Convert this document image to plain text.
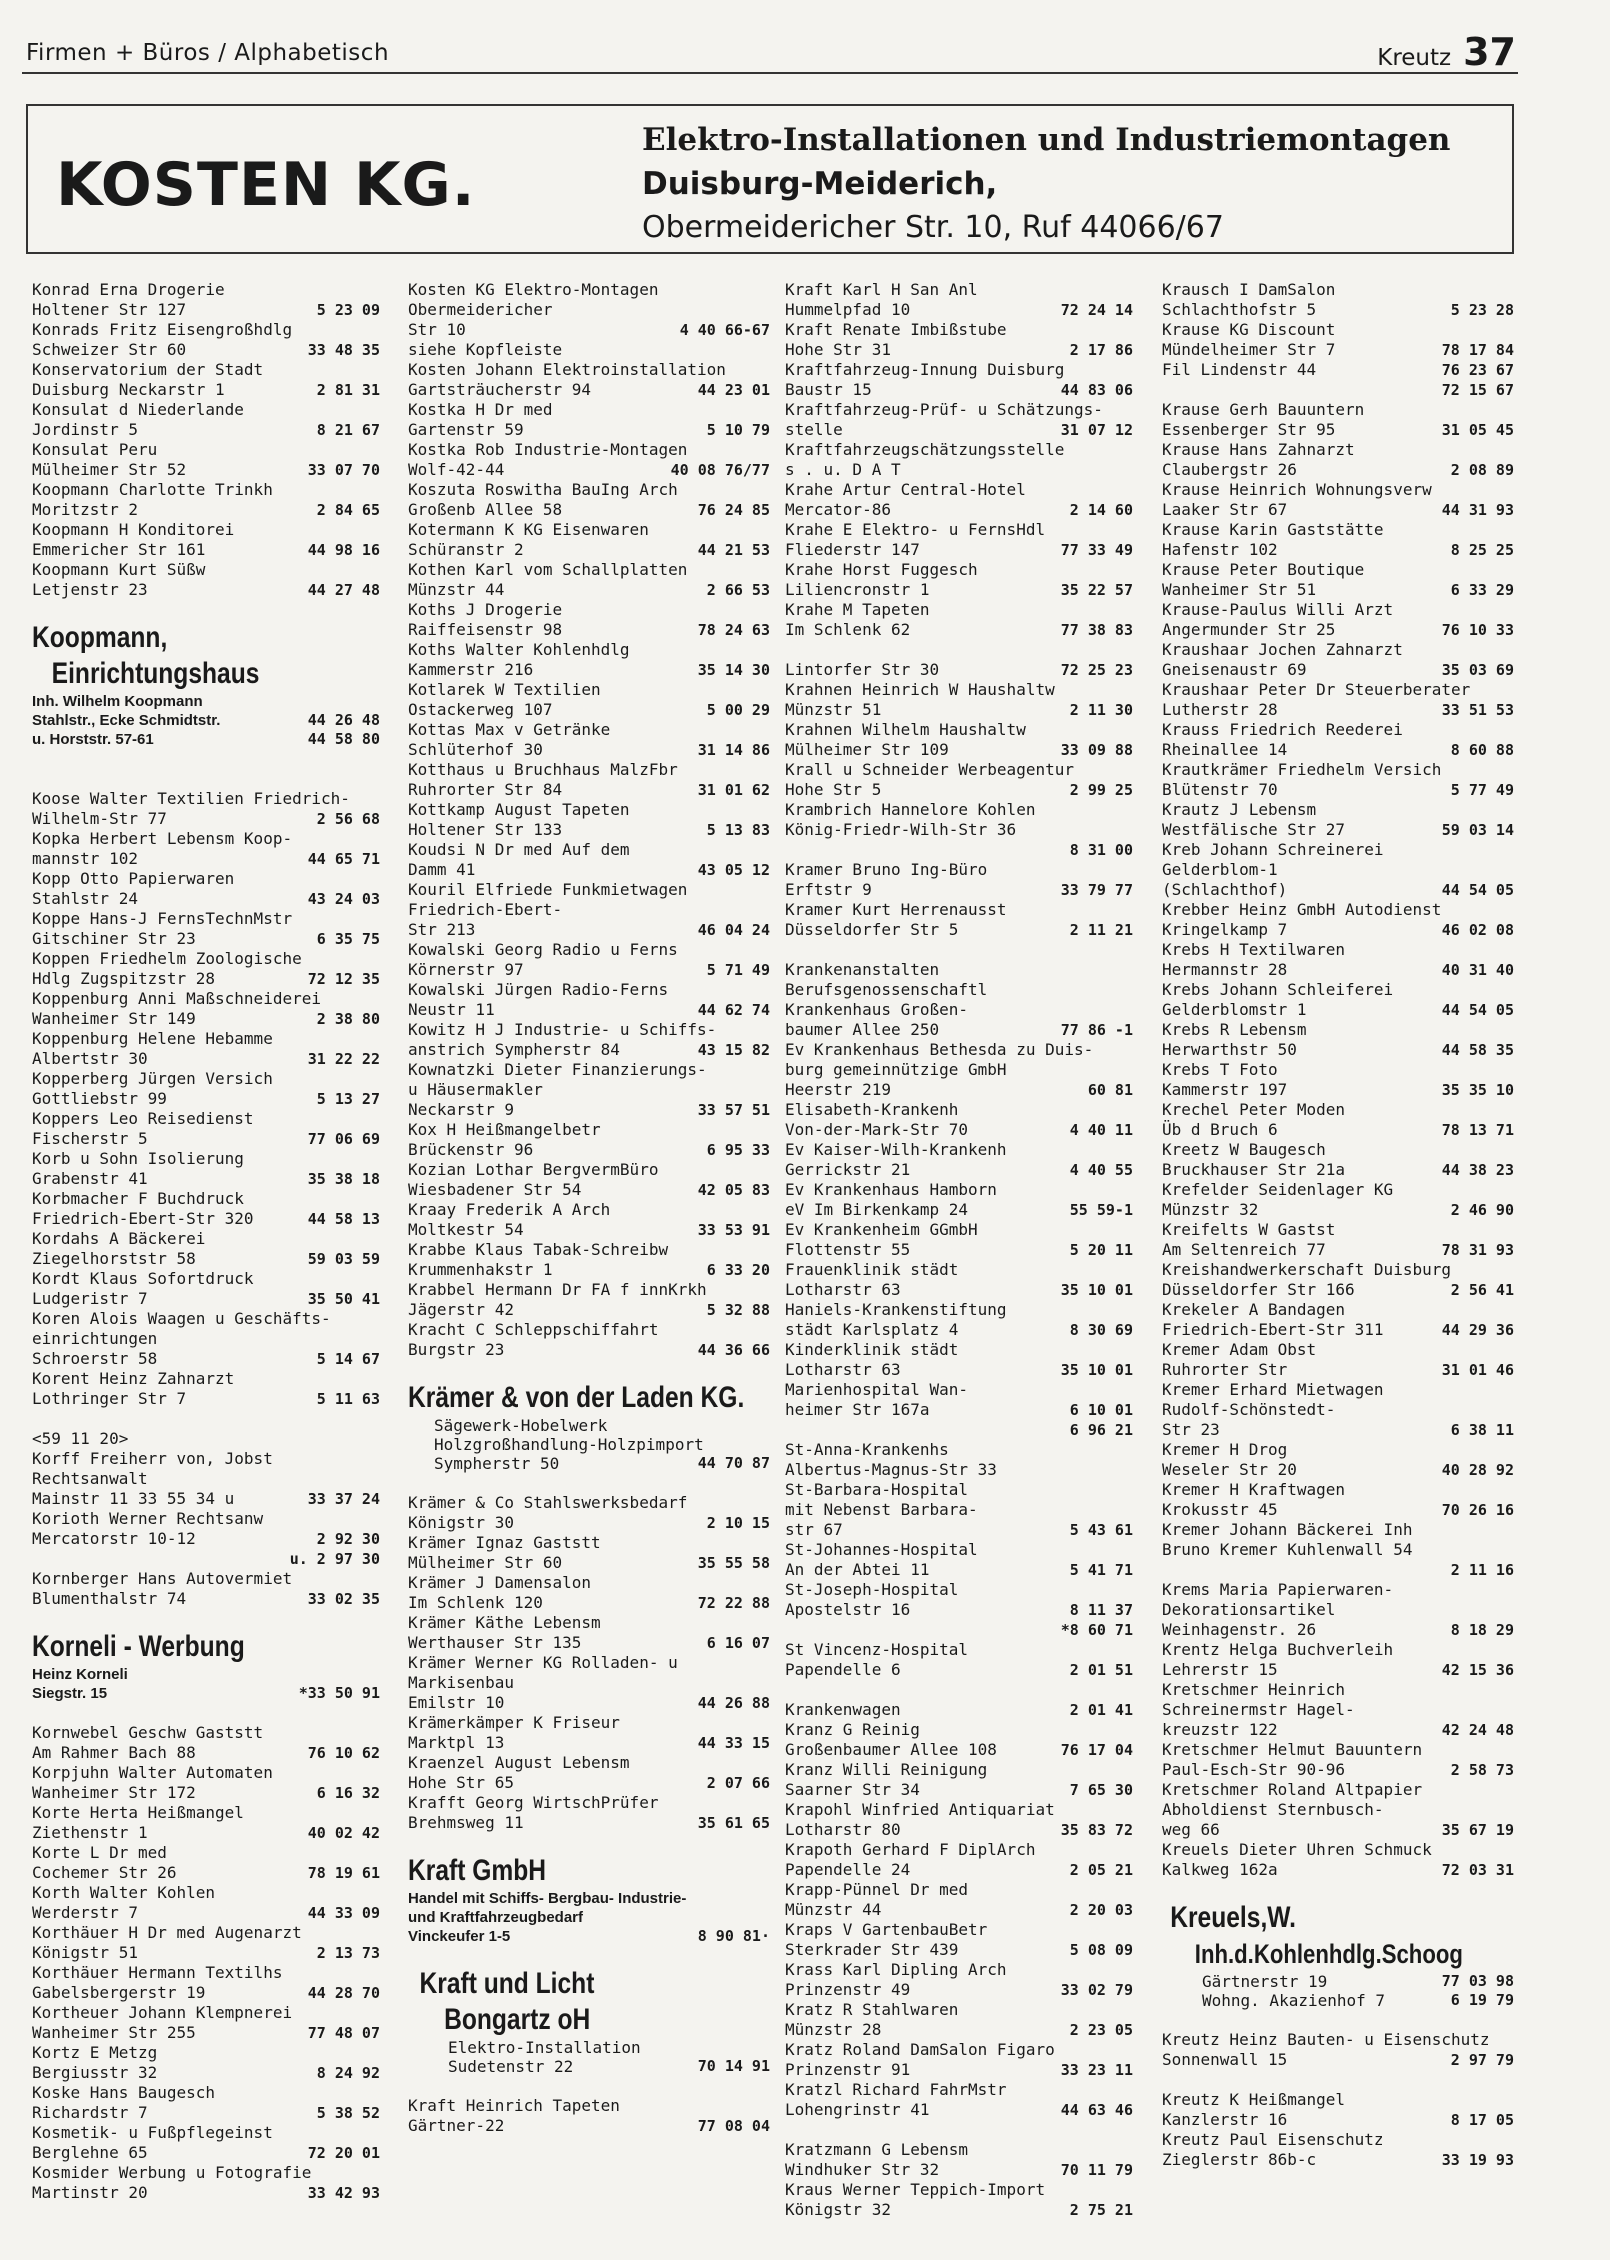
Firmen + Büros / Alphabetisch	Kreutz 37
KOSTEN KG.
Elektro-Installationen und Industriemontagen
Duisburg-Meiderich,
Obermeidericher Str. 10, Ruf 44066/67
Konrad Erna Drogerie
Holtener Str 127	5 23 09
Konrads Fritz Eisengroßhdlg
Schweizer Str 60	33 48 35
Konservatorium der Stadt
Duisburg Neckarstr 1	2 81 31
Konsulat d Niederlande
Jordinstr 5	8 21 67
Konsulat Peru
Mülheimer Str 52	33 07 70
Koopmann Charlotte Trinkh
Moritzstr 2	2 84 65
Koopmann H Konditorei
Emmericher Str 161	44 98 16
Koopmann Kurt Süßw
Letjenstr 23	44 27 48
Koopmann,
Einrichtungshaus
Inh. Wilhelm Koopmann
Stahlstr., Ecke Schmidtstr.	44 26 48
u. Horststr. 57-61	44 58 80
Koose Walter Textilien Friedrich-
Wilhelm-Str 77	2 56 68
Kopka Herbert Lebensm Koop-
mannstr 102	44 65 71
Kopp Otto Papierwaren
Stahlstr 24	43 24 03
Koppe Hans-J FernsTechnMstr
Gitschiner Str 23	6 35 75
Koppen Friedhelm Zoologische
Hdlg Zugspitzstr 28	72 12 35
Koppenburg Anni Maßschneiderei
Wanheimer Str 149	2 38 80
Koppenburg Helene Hebamme
Albertstr 30	31 22 22
Kopperberg Jürgen Versich
Gottliebstr 99	5 13 27
Koppers Leo Reisedienst
Fischerstr 5	77 06 69
Korb u Sohn Isolierung
Grabenstr 41	35 38 18
Korbmacher F Buchdruck
Friedrich-Ebert-Str 320	44 58 13
Kordahs A Bäckerei
Ziegelhorststr 58	59 03 59
Kordt Klaus Sofortdruck
Ludgeristr 7	35 50 41
Koren Alois Waagen u Geschäfts-
einrichtungen
Schroerstr 58	5 14 67
Korent Heinz Zahnarzt
Lothringer Str 7	5 11 63

<59 11 20>
Korff Freiherr von, Jobst
Rechtsanwalt
Mainstr 11 33 55 34 u	33 37 24
Korioth Werner Rechtsanw
Mercatorstr 10-12	2 92 30

u. 2 97 30
Kornberger Hans Autovermiet
Blumenthalstr 74	33 02 35
Korneli - Werbung
Heinz Korneli
Siegstr. 15	*33 50 91
Kornwebel Geschw Gaststt
Am Rahmer Bach 88	76 10 62
Korpjuhn Walter Automaten
Wanheimer Str 172	6 16 32
Korte Herta Heißmangel
Ziethenstr 1	40 02 42
Korte L Dr med
Cochemer Str 26	78 19 61
Korth Walter Kohlen
Werderstr 7	44 33 09
Korthäuer H Dr med Augenarzt
Königstr 51	2 13 73
Korthäuer Hermann Textilhs
Gabelsbergerstr 19	44 28 70
Kortheuer Johann Klempnerei
Wanheimer Str 255	77 48 07
Kortz E Metzg
Bergiusstr 32	8 24 92
Koske Hans Baugesch
Richardstr 7	5 38 52
Kosmetik- u Fußpflegeinst
Berglehne 65	72 20 01
Kosmider Werbung u Fotografie
Martinstr 20	33 42 93
Kosten KG Elektro-Montagen
Obermeidericher
Str 10	4 40 66-67
siehe Kopfleiste
Kosten Johann Elektroinstallation
Gartsträucherstr 94	44 23 01
Kostka H Dr med
Gartenstr 59	5 10 79
Kostka Rob Industrie-Montagen
Wolf-42-44	40 08 76/77
Koszuta Roswitha BauIng Arch
Großenb Allee 58	76 24 85
Kotermann K KG Eisenwaren
Schüranstr 2	44 21 53
Kothen Karl vom Schallplatten
Münzstr 44	2 66 53
Koths J Drogerie
Raiffeisenstr 98	78 24 63
Koths Walter Kohlenhdlg
Kammerstr 216	35 14 30
Kotlarek W Textilien
Ostackerweg 107	5 00 29
Kottas Max v Getränke
Schlüterhof 30	31 14 86
Kotthaus u Bruchhaus MalzFbr
Ruhrorter Str 84	31 01 62
Kottkamp August Tapeten
Holtener Str 133	5 13 83
Koudsi N Dr med Auf dem
Damm 41	43 05 12
Kouril Elfriede Funkmietwagen
Friedrich-Ebert-
Str 213	46 04 24
Kowalski Georg Radio u Ferns
Körnerstr 97	5 71 49
Kowalski Jürgen Radio-Ferns
Neustr 11	44 62 74
Kowitz H J Industrie- u Schiffs-
anstrich Sympherstr 84	43 15 82
Kownatzki Dieter Finanzierungs-
u Häusermakler
Neckarstr 9	33 57 51
Kox H Heißmangelbetr
Brückenstr 96	6 95 33
Kozian Lothar BergvermBüro
Wiesbadener Str 54	42 05 83
Kraay Frederik A Arch
Moltkestr 54	33 53 91
Krabbe Klaus Tabak-Schreibw
Krummenhakstr 1	6 33 20
Krabbel Hermann Dr FA f innKrkh
Jägerstr 42	5 32 88
Kracht C Schleppschiffahrt
Burgstr 23	44 36 66
Krämer & von der Laden KG.
Sägewerk-Hobelwerk
Holzgroßhandlung-Holzpimport
Sympherstr 50	44 70 87
Krämer & Co Stahlswerksbedarf
Königstr 30	2 10 15
Krämer Ignaz Gaststt
Mülheimer Str 60	35 55 58
Krämer J Damensalon
Im Schlenk 120	72 22 88
Krämer Käthe Lebensm
Werthauser Str 135	6 16 07
Krämer Werner KG Rolladen- u
Markisenbau
Emilstr 10	44 26 88
Krämerkämper K Friseur
Marktpl 13	44 33 15
Kraenzel August Lebensm
Hohe Str 65	2 07 66
Krafft Georg WirtschPrüfer
Brehmsweg 11	35 61 65
Kraft GmbH
Handel mit Schiffs- Bergbau- Industrie-
und Kraftfahrzeugbedarf
Vinckeufer 1-5	8 90 81·
Kraft und Licht
Bongartz oH
Elektro-Installation
Sudetenstr 22	70 14 91
Kraft Heinrich Tapeten
Gärtner-22	77 08 04
Kraft Karl H San Anl
Hummelpfad 10	72 24 14
Kraft Renate Imbißstube
Hohe Str 31	2 17 86
Kraftfahrzeug-Innung Duisburg
Baustr 15	44 83 06
Kraftfahrzeug-Prüf- u Schätzungs-
stelle	31 07 12
Kraftfahrzeugschätzungsstelle
s . u. D A T
Krahe Artur Central-Hotel
Mercator-86	2 14 60
Krahe E Elektro- u FernsHdl
Fliederstr 147	77 33 49
Krahe Horst Fuggesch
Liliencronstr 1	35 22 57
Krahe M Tapeten
Im Schlenk 62	77 38 83

Lintorfer Str 30	72 25 23
Krahnen Heinrich W Haushaltw
Münzstr 51	2 11 30
Krahnen Wilhelm Haushaltw
Mülheimer Str 109	33 09 88
Krall u Schneider Werbeagentur
Hohe Str 5	2 99 25
Krambrich Hannelore Kohlen
König-Friedr-Wilh-Str 36

8 31 00
Kramer Bruno Ing-Büro
Erftstr 9	33 79 77
Kramer Kurt Herrenausst
Düsseldorfer Str 5	2 11 21
Krankenanstalten
Berufsgenossenschaftl
Krankenhaus Großen-
baumer Allee 250	77 86 -1
Ev Krankenhaus Bethesda zu Duis-
burg gemeinnützige GmbH
Heerstr 219	60 81
Elisabeth-Krankenh
Von-der-Mark-Str 70	4 40 11
Ev Kaiser-Wilh-Krankenh
Gerrickstr 21	4 40 55
Ev Krankenhaus Hamborn
eV Im Birkenkamp 24	55 59-1
Ev Krankenheim GGmbH
Flottenstr 55	5 20 11
Frauenklinik städt
Lotharstr 63	35 10 01
Haniels-Krankenstiftung
städt Karlsplatz 4	8 30 69
Kinderklinik städt
Lotharstr 63	35 10 01
Marienhospital Wan-
heimer Str 167a	6 10 01

6 96 21
St-Anna-Krankenhs
Albertus-Magnus-Str 33
St-Barbara-Hospital
mit Nebenst Barbara-
str 67	5 43 61
St-Johannes-Hospital
An der Abtei 11	5 41 71
St-Joseph-Hospital
Apostelstr 16	8 11 37

*8 60 71
St Vincenz-Hospital
Papendelle 6	2 01 51
Krankenwagen	2 01 41
Kranz G Reinig
Großenbaumer Allee 108	76 17 04
Kranz Willi Reinigung
Saarner Str 34	7 65 30
Krapohl Winfried Antiquariat
Lotharstr 80	35 83 72
Krapoth Gerhard F DiplArch
Papendelle 24	2 05 21
Krapp-Pünnel Dr med
Münzstr 44	2 20 03
Kraps V GartenbauBetr
Sterkrader Str 439	5 08 09
Krass Karl Dipling Arch
Prinzenstr 49	33 02 79
Kratz R Stahlwaren
Münzstr 28	2 23 05
Kratz Roland DamSalon Figaro
Prinzenstr 91	33 23 11
Kratzl Richard FahrMstr
Lohengrinstr 41	44 63 46
Kratzmann G Lebensm
Windhuker Str 32	70 11 79
Kraus Werner Teppich-Import
Königstr 32	2 75 21
Krausch I DamSalon
Schlachthofstr 5	5 23 28
Krause KG Discount
Mündelheimer Str 7	78 17 84
Fil Lindenstr 44	76 23 67

72 15 67
Krause Gerh Bauuntern
Essenberger Str 95	31 05 45
Krause Hans Zahnarzt
Claubergstr 26	2 08 89
Krause Heinrich Wohnungsverw
Laaker Str 67	44 31 93
Krause Karin Gaststätte
Hafenstr 102	8 25 25
Krause Peter Boutique
Wanheimer Str 51	6 33 29
Krause-Paulus Willi Arzt
Angermunder Str 25	76 10 33
Kraushaar Jochen Zahnarzt
Gneisenaustr 69	35 03 69
Kraushaar Peter Dr Steuerberater
Lutherstr 28	33 51 53
Krauss Friedrich Reederei
Rheinallee 14	8 60 88
Krautkrämer Friedhelm Versich
Blütenstr 70	5 77 49
Krautz J Lebensm
Westfälische Str 27	59 03 14
Kreb Johann Schreinerei
Gelderblom-1
(Schlachthof)	44 54 05
Krebber Heinz GmbH Autodienst
Kringelkamp 7	46 02 08
Krebs H Textilwaren
Hermannstr 28	40 31 40
Krebs Johann Schleiferei
Gelderblomstr 1	44 54 05
Krebs R Lebensm
Herwarthstr 50	44 58 35
Krebs T Foto
Kammerstr 197	35 35 10
Krechel Peter Moden
Üb d Bruch 6	78 13 71
Kreetz W Baugesch
Bruckhauser Str 21a	44 38 23
Krefelder Seidenlager KG
Münzstr 32	2 46 90
Kreifelts W Gastst
Am Seltenreich 77	78 31 93
Kreishandwerkerschaft Duisburg
Düsseldorfer Str 166	2 56 41
Krekeler A Bandagen
Friedrich-Ebert-Str 311	44 29 36
Kremer Adam Obst
Ruhrorter Str	31 01 46
Kremer Erhard Mietwagen
Rudolf-Schönstedt-
Str 23	6 38 11
Kremer H Drog
Weseler Str 20	40 28 92
Kremer H Kraftwagen
Krokusstr 45	70 26 16
Kremer Johann Bäckerei Inh
Bruno Kremer Kuhlenwall 54

2 11 16
Krems Maria Papierwaren-
Dekorationsartikel
Weinhagenstr. 26	8 18 29
Krentz Helga Buchverleih
Lehrerstr 15	42 15 36
Kretschmer Heinrich
Schreinermstr Hagel-
kreuzstr 122	42 24 48
Kretschmer Helmut Bauuntern
Paul-Esch-Str 90-96	2 58 73
Kretschmer Roland Altpapier
Abholdienst Sternbusch-
weg 66	35 67 19
Kreuels Dieter Uhren Schmuck
Kalkweg 162a	72 03 31
Kreuels,W.
Inh.d.Kohlenhdlg.Schoog
Gärtnerstr 19	77 03 98
Wohng. Akazienhof 7	6 19 79
Kreutz Heinz Bauten- u Eisenschutz
Sonnenwall 15	2 97 79
Kreutz K Heißmangel
Kanzlerstr 16	8 17 05
Kreutz Paul Eisenschutz
Zieglerstr 86b-c	33 19 93
